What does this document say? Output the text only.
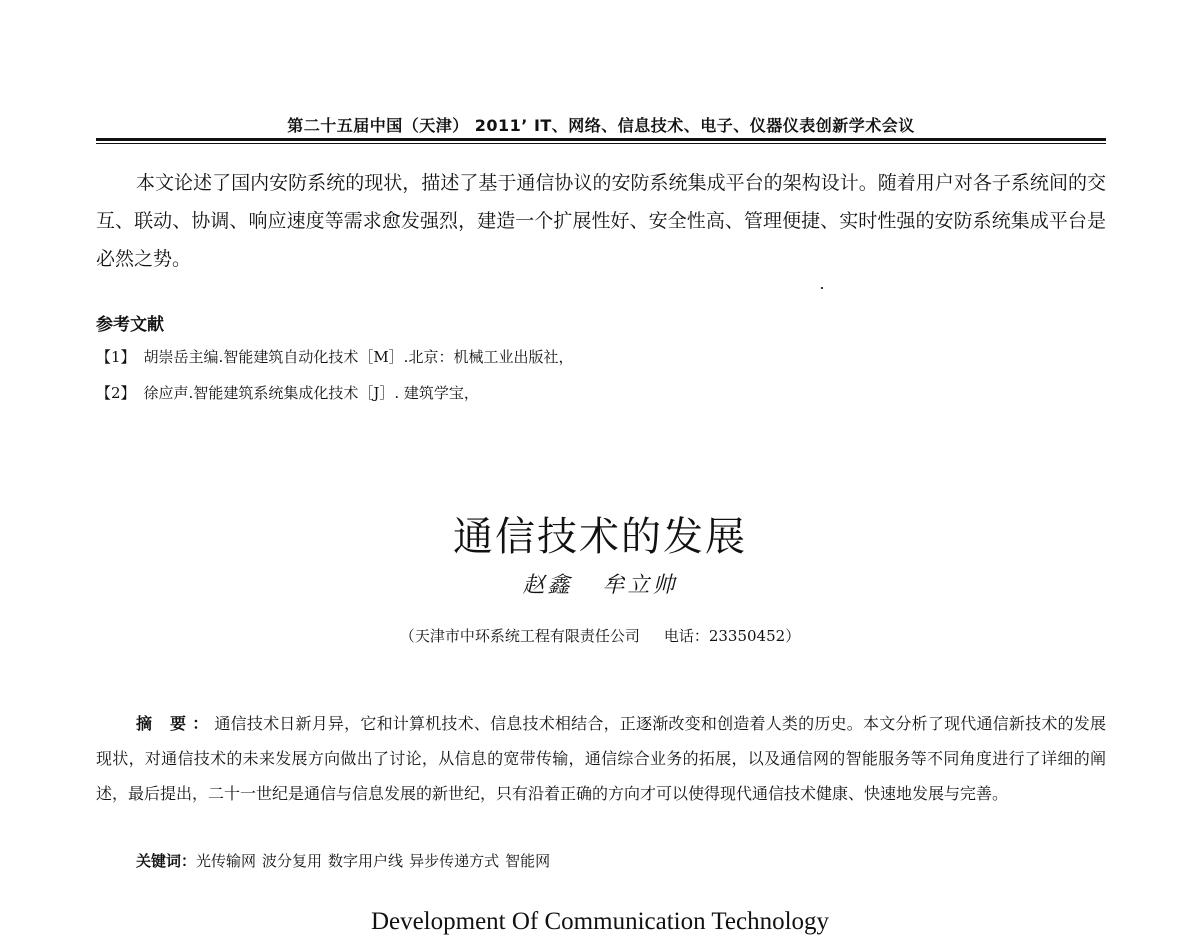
第二十五届中国（天津） 2011’ IT、网络、信息技术、电子、仪器仪表创新学术会议

本文论述了国内安防系统的现状，描述了基于通信协议的安防系统集成平台的架构设计。随着用户对各子系统间的交互、联动、协调、响应速度等需求愈发强烈，建造一个扩展性好、安全性高、管理便捷、实时性强的安防系统集成平台是必然之势。

参考文献
【1】 胡崇岳主编.智能建筑自动化技术［M］.北京：机械工业出版社，
【2】 徐应声.智能建筑系统集成化技术［J］. 建筑学宝，
通信技术的发展
赵鑫 牟立帅
（天津市中环系统工程有限责任公司 电话：23350452）

摘 要：通信技术日新月异，它和计算机技术、信息技术相结合，正逐渐改变和创造着人类的历史。本文分析了现代通信新技术的发展现状，对通信技术的未来发展方向做出了讨论，从信息的宽带传输，通信综合业务的拓展，以及通信网的智能服务等不同角度进行了详细的阐述，最后提出，二十一世纪是通信与信息发展的新世纪，只有沿着正确的方向才可以使得现代通信技术健康、快速地发展与完善。

关键词：光传输网 波分复用 数字用户线 异步传递方式 智能网
Development Of Communication Technology
